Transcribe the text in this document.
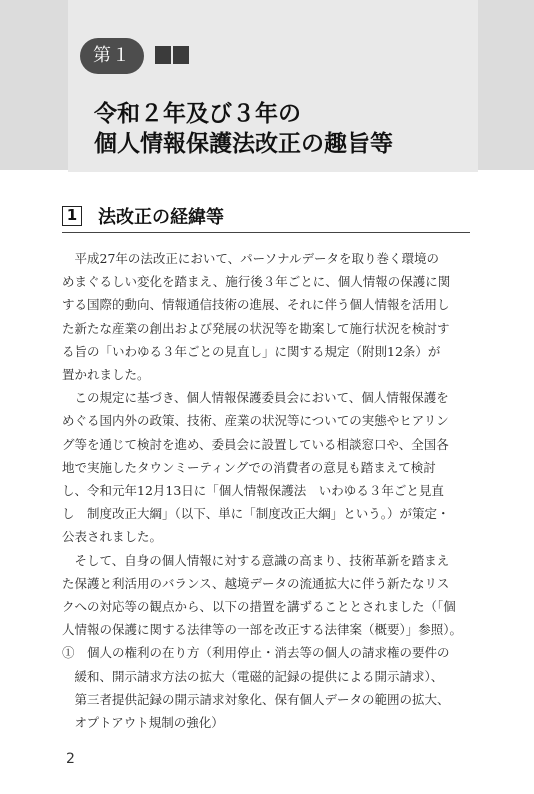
第１
令和２年及び３年の
個人情報保護法改正の趣旨等
1 法改正の経緯等
　平成27年の法改正において、パーソナルデータを取り巻く環境の
めまぐるしい変化を踏まえ、施行後３年ごとに、個人情報の保護に関
する国際的動向、情報通信技術の進展、それに伴う個人情報を活用し
た新たな産業の創出および発展の状況等を勘案して施行状況を検討す
る旨の「いわゆる３年ごとの見直し」に関する規定（附則12条）が
置かれました。
　この規定に基づき、個人情報保護委員会において、個人情報保護を
めぐる国内外の政策、技術、産業の状況等についての実態やヒアリン
グ等を通じて検討を進め、委員会に設置している相談窓口や、全国各
地で実施したタウンミーティングでの消費者の意見も踏まえて検討
し、令和元年12月13日に「個人情報保護法　いわゆる３年ごと見直
し　制度改正大綱」（以下、単に「制度改正大綱」という。）が策定・
公表されました。
　そして、自身の個人情報に対する意識の高まり、技術革新を踏まえ
た保護と利活用のバランス、越境データの流通拡大に伴う新たなリス
クへの対応等の観点から、以下の措置を講ずることとされました（「個
人情報の保護に関する法律等の一部を改正する法律案（概要）」参照）。
①　個人の権利の在り方（利用停止・消去等の個人の請求権の要件の
　緩和、開示請求方法の拡大（電磁的記録の提供による開示請求）、
　第三者提供記録の開示請求対象化、保有個人データの範囲の拡大、
　オプトアウト規制の強化）
2
